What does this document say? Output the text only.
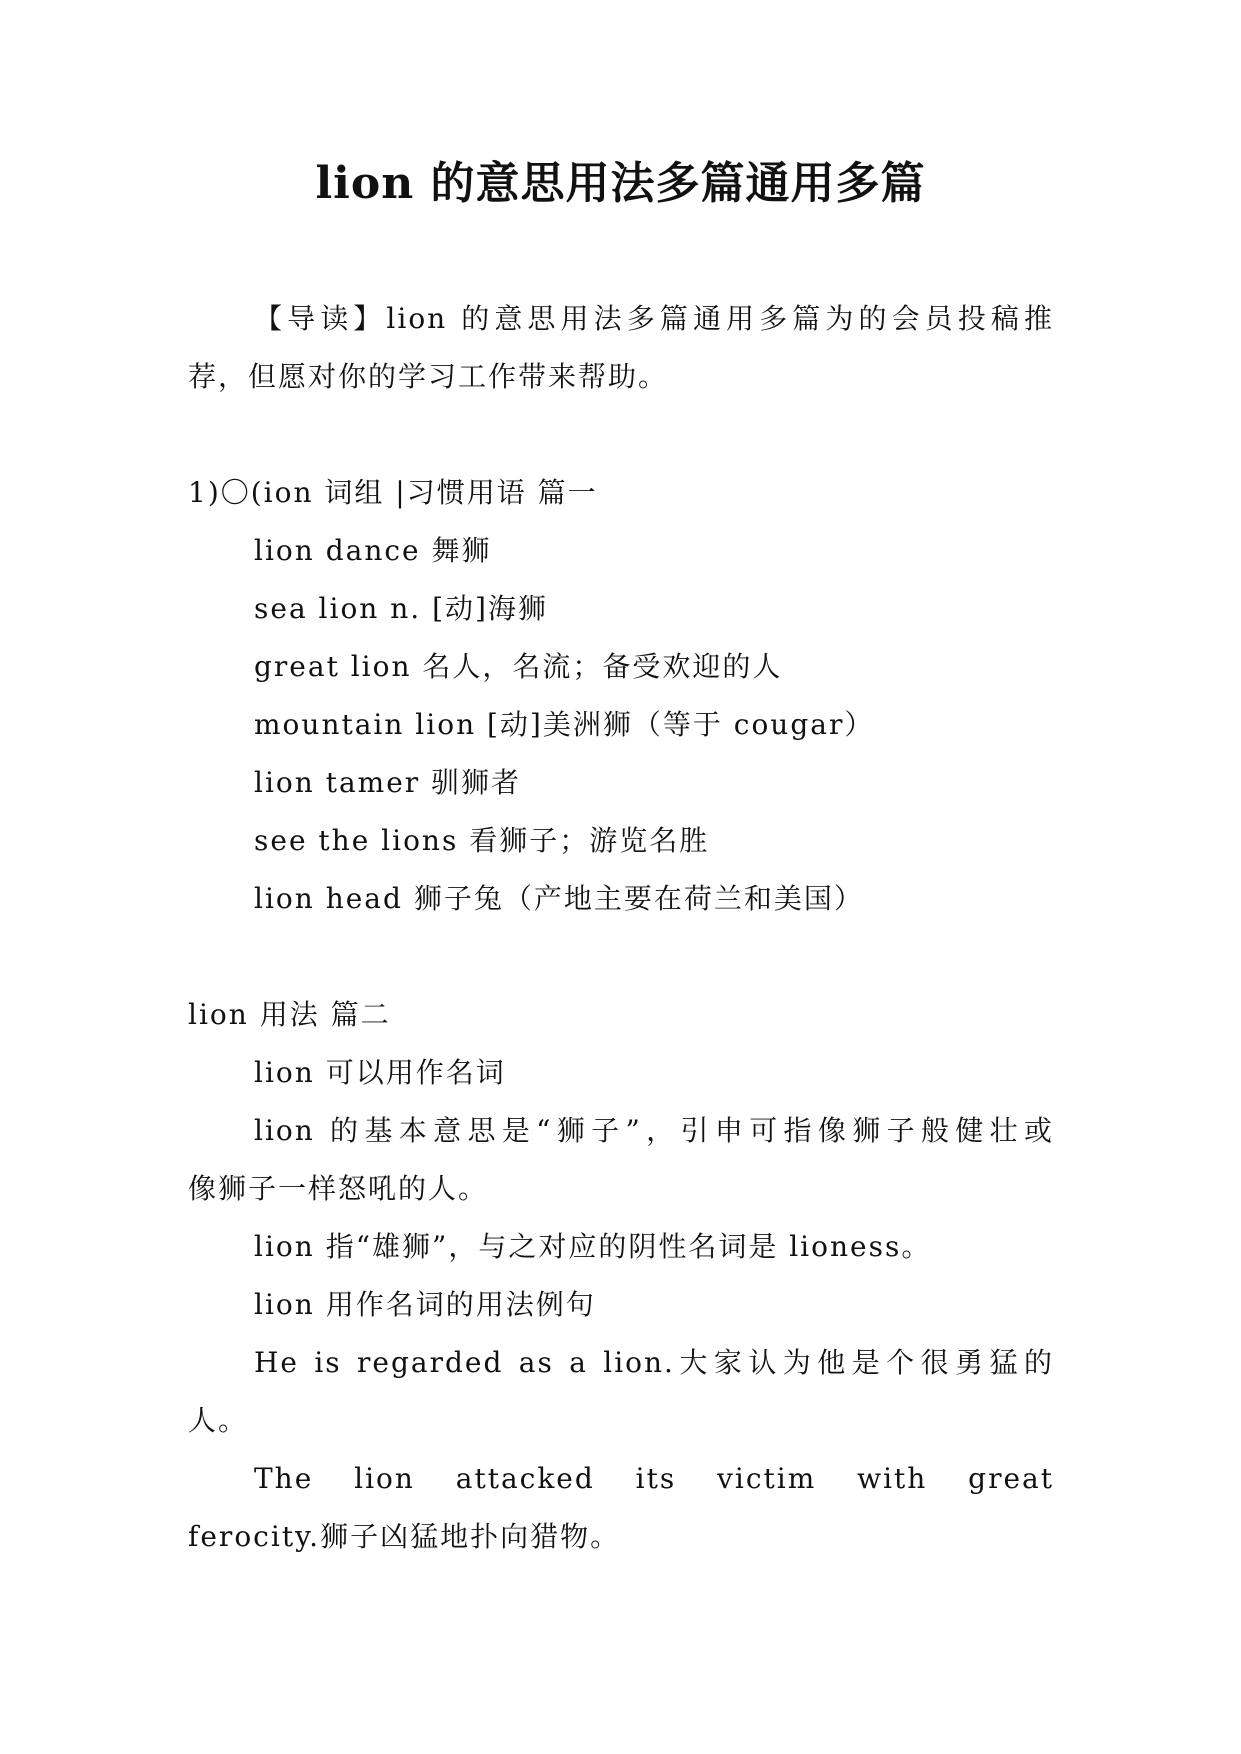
lion 的意思用法多篇通用多篇

【导读】lion 的意思用法多篇通用多篇为的会员投稿推

荐，但愿对你的学习工作带来帮助。

1)〇(ion 词组 |习惯用语 篇一

lion dance 舞狮

sea lion n. [动]海狮

great lion 名人，名流；备受欢迎的人

mountain lion [动]美洲狮（等于 cougar）

lion tamer 驯狮者

see the lions 看狮子；游览名胜

lion head 狮子兔（产地主要在荷兰和美国）

lion 用法 篇二

lion 可以用作名词

lion 的基本意思是“狮子”，引申可指像狮子般健壮或

像狮子一样怒吼的人。

lion 指“雄狮”，与之对应的阴性名词是 lioness。

lion 用作名词的用法例句

He is regarded as a lion.大家认为他是个很勇猛的

人。

The lion attacked its victim with great

ferocity.狮子凶猛地扑向猎物。
